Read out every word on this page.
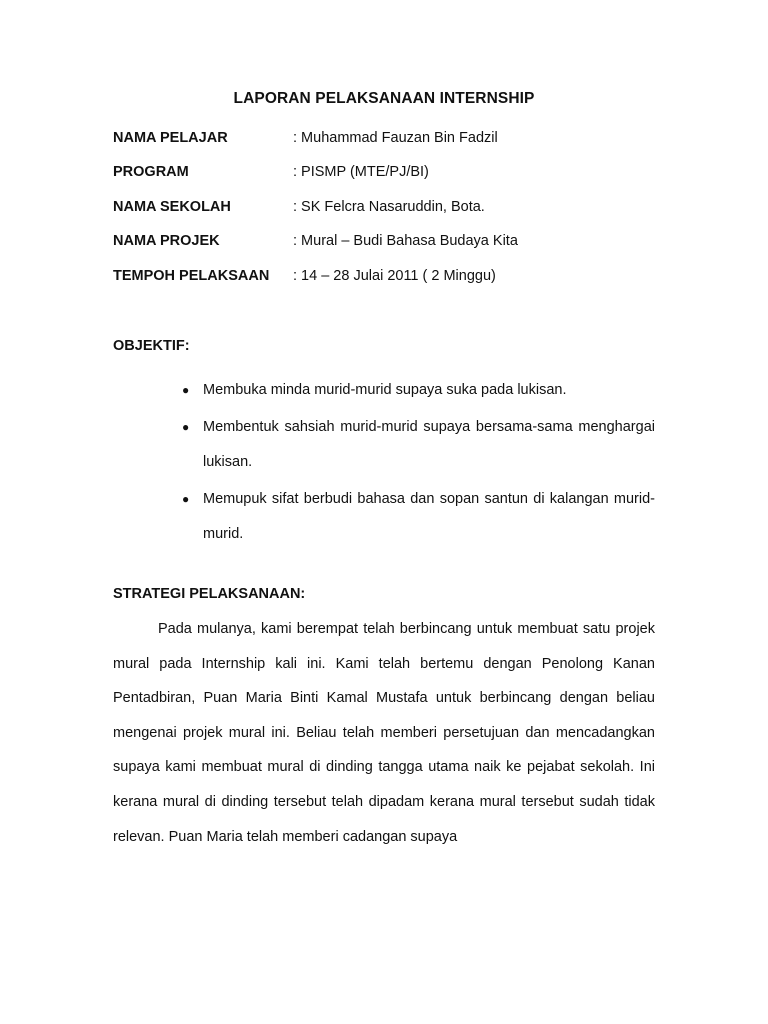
LAPORAN PELAKSANAAN INTERNSHIP
NAMA PELAJAR	: Muhammad Fauzan Bin Fadzil
PROGRAM	: PISMP (MTE/PJ/BI)
NAMA SEKOLAH	: SK Felcra Nasaruddin, Bota.
NAMA PROJEK	: Mural – Budi Bahasa Budaya Kita
TEMPOH PELAKSAAN : 14 – 28 Julai 2011 ( 2 Minggu)
OBJEKTIF:
● Membuka minda murid-murid supaya suka pada lukisan.
● Membentuk sahsiah murid-murid supaya bersama-sama menghargai lukisan.
● Memupuk sifat berbudi bahasa dan sopan santun di kalangan murid-murid.
STRATEGI PELAKSANAAN:

Pada mulanya, kami berempat telah berbincang untuk membuat satu projek mural pada Internship kali ini. Kami telah bertemu dengan Penolong Kanan Pentadbiran, Puan Maria Binti Kamal Mustafa untuk berbincang dengan beliau mengenai projek mural ini. Beliau telah memberi persetujuan dan mencadangkan supaya kami membuat mural di dinding tangga utama naik ke pejabat sekolah. Ini kerana mural di dinding tersebut telah dipadam kerana mural tersebut sudah tidak relevan. Puan Maria telah memberi cadangan supaya
